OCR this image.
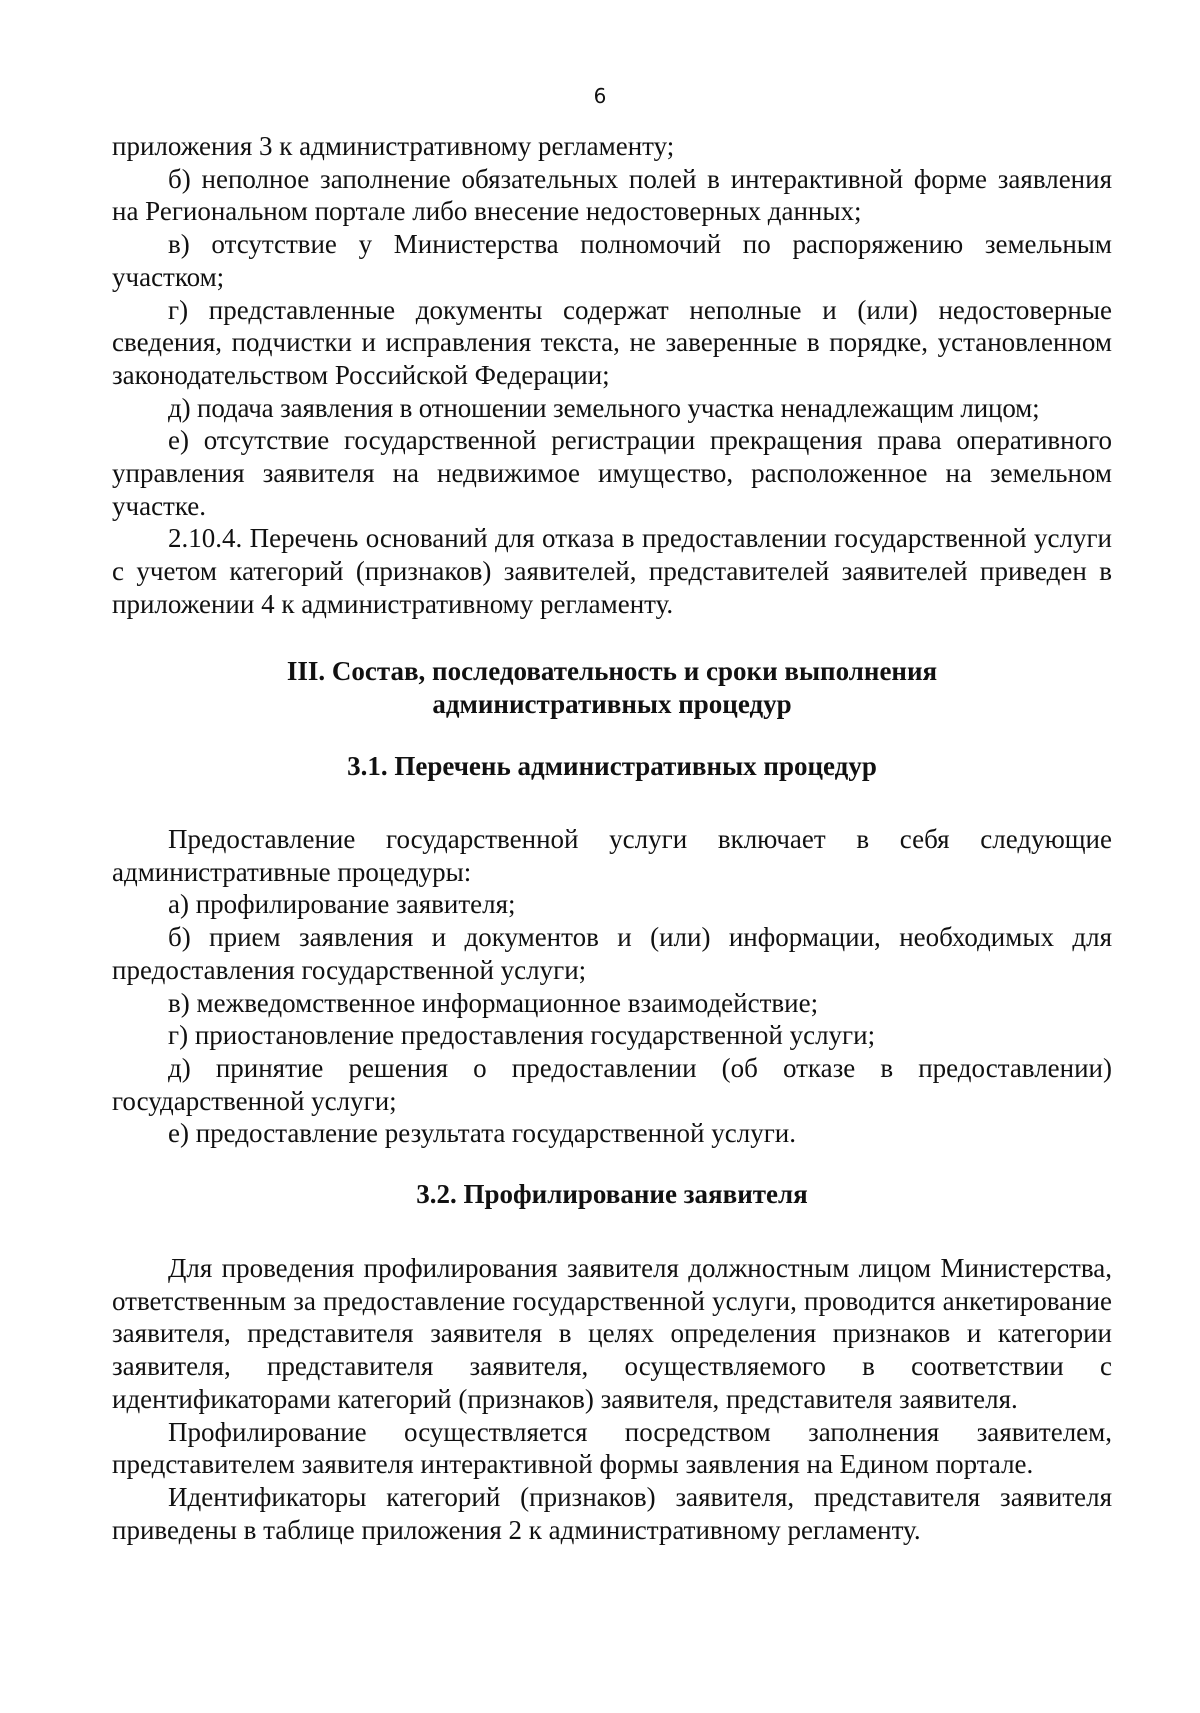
6

приложения 3 к административному регламенту;

б) неполное заполнение обязательных полей в интерактивной форме заявления на Региональном портале либо внесение недостоверных данных;

в) отсутствие у Министерства полномочий по распоряжению земельным участком;

г) представленные документы содержат неполные и (или) недостоверные сведения, подчистки и исправления текста, не заверенные в порядке, установленном законодательством Российской Федерации;

д) подача заявления в отношении земельного участка ненадлежащим лицом;

е) отсутствие государственной регистрации прекращения права оперативного управления заявителя на недвижимое имущество, расположенное на земельном участке.

2.10.4. Перечень оснований для отказа в предоставлении государственной услуги с учетом категорий (признаков) заявителей, представителей заявителей приведен в приложении 4 к административному регламенту.

III. Состав, последовательность и сроки выполнения

административных процедур

3.1. Перечень административных процедур

Предоставление государственной услуги включает в себя следующие административные процедуры:

а) профилирование заявителя;

б) прием заявления и документов и (или) информации, необходимых для предоставления государственной услуги;

в) межведомственное информационное взаимодействие;

г) приостановление предоставления государственной услуги;

д) принятие решения о предоставлении (об отказе в предоставлении) государственной услуги;

е) предоставление результата государственной услуги.

3.2. Профилирование заявителя

Для проведения профилирования заявителя должностным лицом Министерства, ответственным за предоставление государственной услуги, проводится анкетирование заявителя, представителя заявителя в целях определения признаков и категории заявителя, представителя заявителя, осуществляемого в соответствии с идентификаторами категорий (признаков) заявителя, представителя заявителя.

Профилирование осуществляется посредством заполнения заявителем, представителем заявителя интерактивной формы заявления на Едином портале.

Идентификаторы категорий (признаков) заявителя, представителя заявителя приведены в таблице приложения 2 к административному регламенту.
